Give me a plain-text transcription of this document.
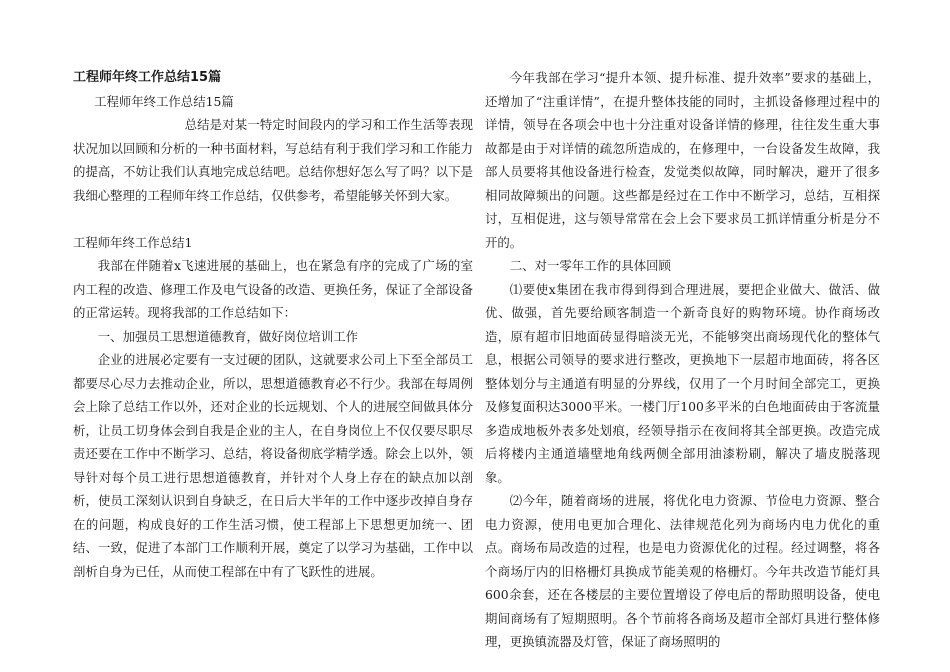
工程师年终工作总结15篇

工程师年终工作总结15篇

总结是对某一特定时间段内的学习和工作生活等表现状况加以回顾和分析的一种书面材料，写总结有利于我们学习和工作能力的提高，不妨让我们认真地完成总结吧。总结你想好怎么写了吗？以下是我细心整理的工程师年终工作总结，仅供参考，希望能够关怀到大家。

工程师年终工作总结1

我部在伴随着x飞速进展的基础上，也在紧急有序的完成了广场的室内工程的改造、修理工作及电气设备的改造、更换任务，保证了全部设备的正常运转。现将我部的工作总结如下：

一、加强员工思想道德教育，做好岗位培训工作

企业的进展必定要有一支过硬的团队，这就要求公司上下至全部员工都要尽心尽力去推动企业，所以，思想道德教育必不行少。我部在每周例会上除了总结工作以外，还对企业的长远规划、个人的进展空间做具体分析，让员工切身体会到自我是企业的主人，在自身岗位上不仅仅要尽职尽责还要在工作中不断学习、总结，将设备彻底学精学透。除会上以外，领导针对每个员工进行思想道德教育，并针对个人身上存在的缺点加以剖析，使员工深刻认识到自身缺乏，在日后大半年的工作中逐步改掉自身存在的问题，构成良好的工作生活习惯，使工程部上下思想更加统一、团结、一致，促进了本部门工作顺利开展，奠定了以学习为基础，工作中以剖析自身为已任，从而使工程部在中有了飞跃性的进展。

今年我部在学习“提升本领、提升标准、提升效率”要求的基础上，还增加了“注重详情”，在提升整体技能的同时，主抓设备修理过程中的详情，领导在各项会中也十分注重对设备详情的修理，往往发生重大事故都是由于对详情的疏忽所造成的，在修理中，一台设备发生故障，我部人员要将其他设备进行检查，发觉类似故障，同时解决，避开了很多相同故障频出的问题。这些都是经过在工作中不断学习，总结，互相探讨，互相促进，这与领导常常在会上会下要求员工抓详情重分析是分不开的。

二、对一零年工作的具体回顾

⑴要使x集团在我市得到得到合理进展，要把企业做大、做活、做优、做强，首先要给顾客制造一个新奇良好的购物环境。协作商场改造，原有超市旧地面砖显得暗淡无光，不能够突出商场现代化的整体气息，根据公司领导的要求进行整改，更换地下一层超市地面砖，将各区整体划分与主通道有明显的分界线，仅用了一个月时间全部完工，更换及修复面积达3000平米。一楼门厅100多平米的白色地面砖由于客流量多造成地板外表多处划痕，经领导指示在夜间将其全部更换。改造完成后将楼内主通道墙壁地角线两侧全部用油漆粉刷，解决了墙皮脱落现象。

⑵今年，随着商场的进展，将优化电力资源、节俭电力资源、整合电力资源，使用电更加合理化、法律规范化列为商场内电力优化的重点。商场布局改造的过程，也是电力资源优化的过程。经过调整，将各个商场厅内的旧格栅灯具换成节能美观的格栅灯。今年共改造节能灯具600余套，还在各楼层的主要位置增设了停电后的帮助照明设备，使电期间商场有了短期照明。各个节前将各商场及超市全部灯具进行整体修理，更换镇流器及灯管，保证了商场照明的
